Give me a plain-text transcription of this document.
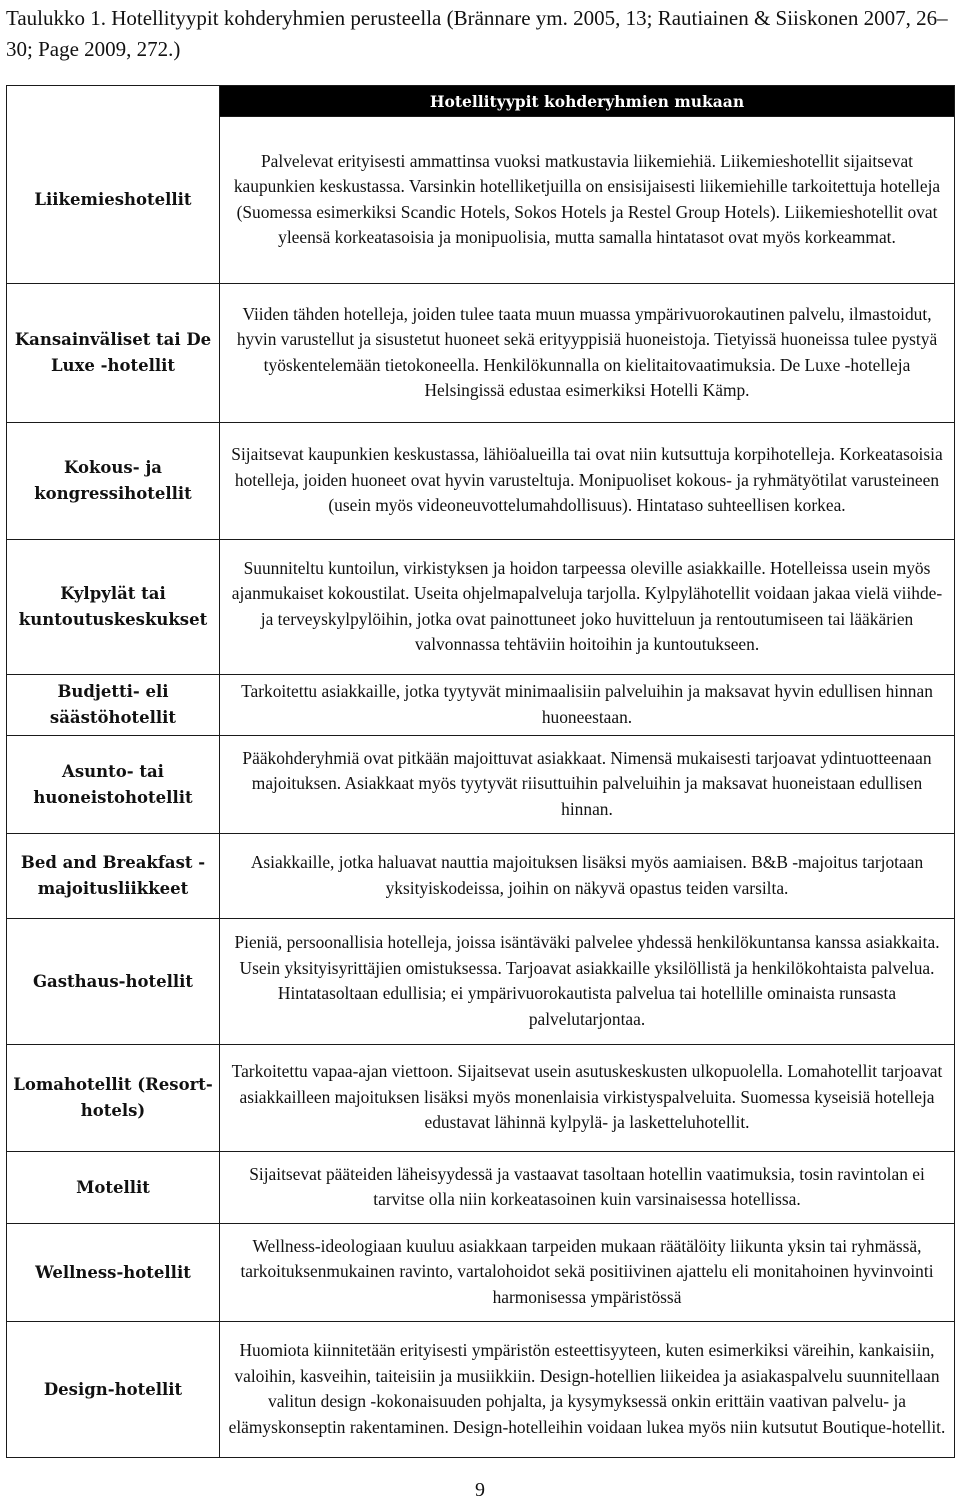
Taulukko 1. Hotellityypit kohderyhmien perusteella (Brännare ym. 2005, 13; Rautiainen & Siiskonen 2007, 26–30; Page 2009, 272.)
	Hotellityypit kohderyhmien mukaan
Liikemieshotellit	Palvelevat erityisesti ammattinsa vuoksi matkustavia liikemiehiä. Liikemieshotellit sijaitsevat kaupunkien keskustassa. Varsinkin hotelliketjuilla on ensisijaisesti liikemiehille tarkoitettuja hotelleja (Suomessa esimerkiksi Scandic Hotels, Sokos Hotels ja Restel Group Hotels). Liikemieshotellit ovat yleensä korkeatasoisia ja monipuolisia, mutta samalla hintatasot ovat myös korkeammat.
Kansainväliset tai De Luxe -hotellit	Viiden tähden hotelleja, joiden tulee taata muun muassa ympärivuorokautinen palvelu, ilmastoidut, hyvin varustellut ja sisustetut huoneet sekä erityyppisiä huoneistoja. Tietyissä huoneissa tulee pystyä työskentelemään tietokoneella. Henkilökunnalla on kielitaitovaatimuksia. De Luxe -hotelleja Helsingissä edustaa esimerkiksi Hotelli Kämp.
Kokous- ja kongressihotellit	Sijaitsevat kaupunkien keskustassa, lähiöalueilla tai ovat niin kutsuttuja korpihotelleja. Korkeatasoisia hotelleja, joiden huoneet ovat hyvin varusteltuja. Monipuoliset kokous- ja ryhmätyötilat varusteineen (usein myös videoneuvottelumahdollisuus). Hintataso suhteellisen korkea.
Kylpylät tai kuntoutuskeskukset	Suunniteltu kuntoilun, virkistyksen ja hoidon tarpeessa oleville asiakkaille. Hotelleissa usein myös ajanmukaiset kokoustilat. Useita ohjelmapalveluja tarjolla. Kylpylähotellit voidaan jakaa vielä viihde- ja terveyskylpylöihin, jotka ovat painottuneet joko huvitteluun ja rentoutumiseen tai lääkärien valvonnassa tehtäviin hoitoihin ja kuntoutukseen.
Budjetti- eli säästöhotellit	Tarkoitettu asiakkaille, jotka tyytyvät minimaalisiin palveluihin ja maksavat hyvin edullisen hinnan huoneestaan.
Asunto- tai huoneistohotellit	Pääkohderyhmiä ovat pitkään majoittuvat asiakkaat. Nimensä mukaisesti tarjoavat ydintuotteenaan majoituksen. Asiakkaat myös tyytyvät riisuttuihin palveluihin ja maksavat huoneistaan edullisen hinnan.
Bed and Breakfast -majoitusliikkeet	Asiakkaille, jotka haluavat nauttia majoituksen lisäksi myös aamiaisen. B&B -majoitus tarjotaan yksityiskodeissa, joihin on näkyvä opastus teiden varsilta.
Gasthaus-hotellit	Pieniä, persoonallisia hotelleja, joissa isäntäväki palvelee yhdessä henkilökuntansa kanssa asiakkaita. Usein yksityisyrittäjien omistuksessa. Tarjoavat asiakkaille yksilöllistä ja henkilökohtaista palvelua. Hintatasoltaan edullisia; ei ympärivuorokautista palvelua tai hotellille ominaista runsasta palvelutarjontaa.
Lomahotellit (Resort-hotels)	Tarkoitettu vapaa-ajan viettoon. Sijaitsevat usein asutuskeskusten ulkopuolella. Lomahotellit tarjoavat asiakkailleen majoituksen lisäksi myös monenlaisia virkistyspalveluita. Suomessa kyseisiä hotelleja edustavat lähinnä kylpylä- ja lasketteluhotellit.
Motellit	Sijaitsevat pääteiden läheisyydessä ja vastaavat tasoltaan hotellin vaatimuksia, tosin ravintolan ei tarvitse olla niin korkeatasoinen kuin varsinaisessa hotellissa.
Wellness-hotellit	Wellness-ideologiaan kuuluu asiakkaan tarpeiden mukaan räätälöity liikunta yksin tai ryhmässä, tarkoituksenmukainen ravinto, vartalohoidot sekä positiivinen ajattelu eli monitahoinen hyvinvointi harmonisessa ympäristössä
Design-hotellit	Huomiota kiinnitetään erityisesti ympäristön esteettisyyteen, kuten esimerkiksi väreihin, kankaisiin, valoihin, kasveihin, taiteisiin ja musiikkiin. Design-hotellien liikeidea ja asiakaspalvelu suunnitellaan valitun design -kokonaisuuden pohjalta, ja kysymyksessä onkin erittäin vaativan palvelu- ja elämyskonseptin rakentaminen. Design-hotelleihin voidaan lukea myös niin kutsutut Boutique-hotellit.
9
